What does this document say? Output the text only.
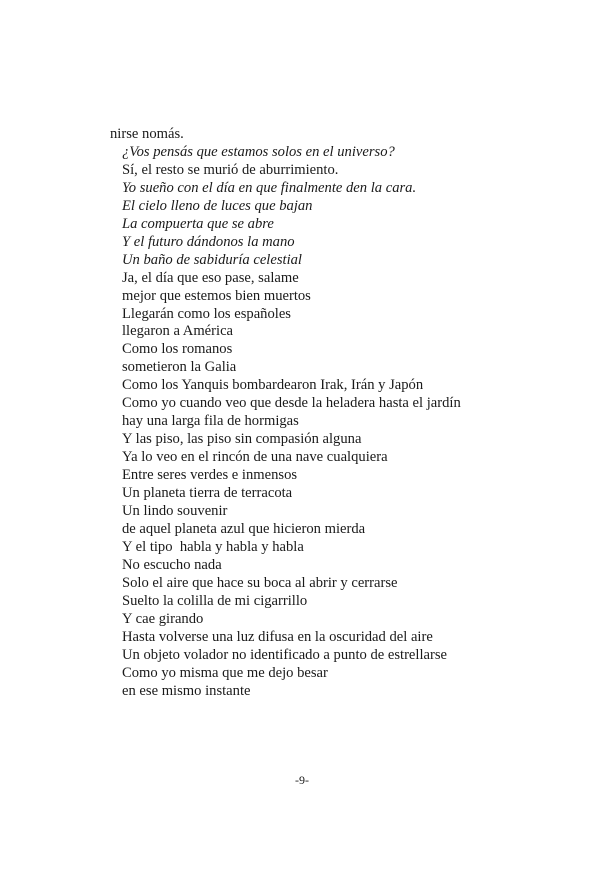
nirse nomás.
¿Vos pensás que estamos solos en el universo?
Sí, el resto se murió de aburrimiento.
Yo sueño con el día en que finalmente den la cara.
El cielo lleno de luces que bajan
La compuerta que se abre
Y el futuro dándonos la mano
Un baño de sabiduría celestial
Ja, el día que eso pase, salame
mejor que estemos bien muertos
Llegarán como los españoles
llegaron a América
Como los romanos
sometieron la Galia
Como los Yanquis bombardearon Irak, Irán y Japón
Como yo cuando veo que desde la heladera hasta el jardín
hay una larga fila de hormigas
Y las piso, las piso sin compasión alguna
Ya lo veo en el rincón de una nave cualquiera
Entre seres verdes e inmensos
Un planeta tierra de terracota
Un lindo souvenir
de aquel planeta azul que hicieron mierda
Y el tipo  habla y habla y habla
No escucho nada
Solo el aire que hace su boca al abrir y cerrarse
Suelto la colilla de mi cigarrillo
Y cae girando
Hasta volverse una luz difusa en la oscuridad del aire
Un objeto volador no identificado a punto de estrellarse
Como yo misma que me dejo besar
en ese mismo instante
-9-
